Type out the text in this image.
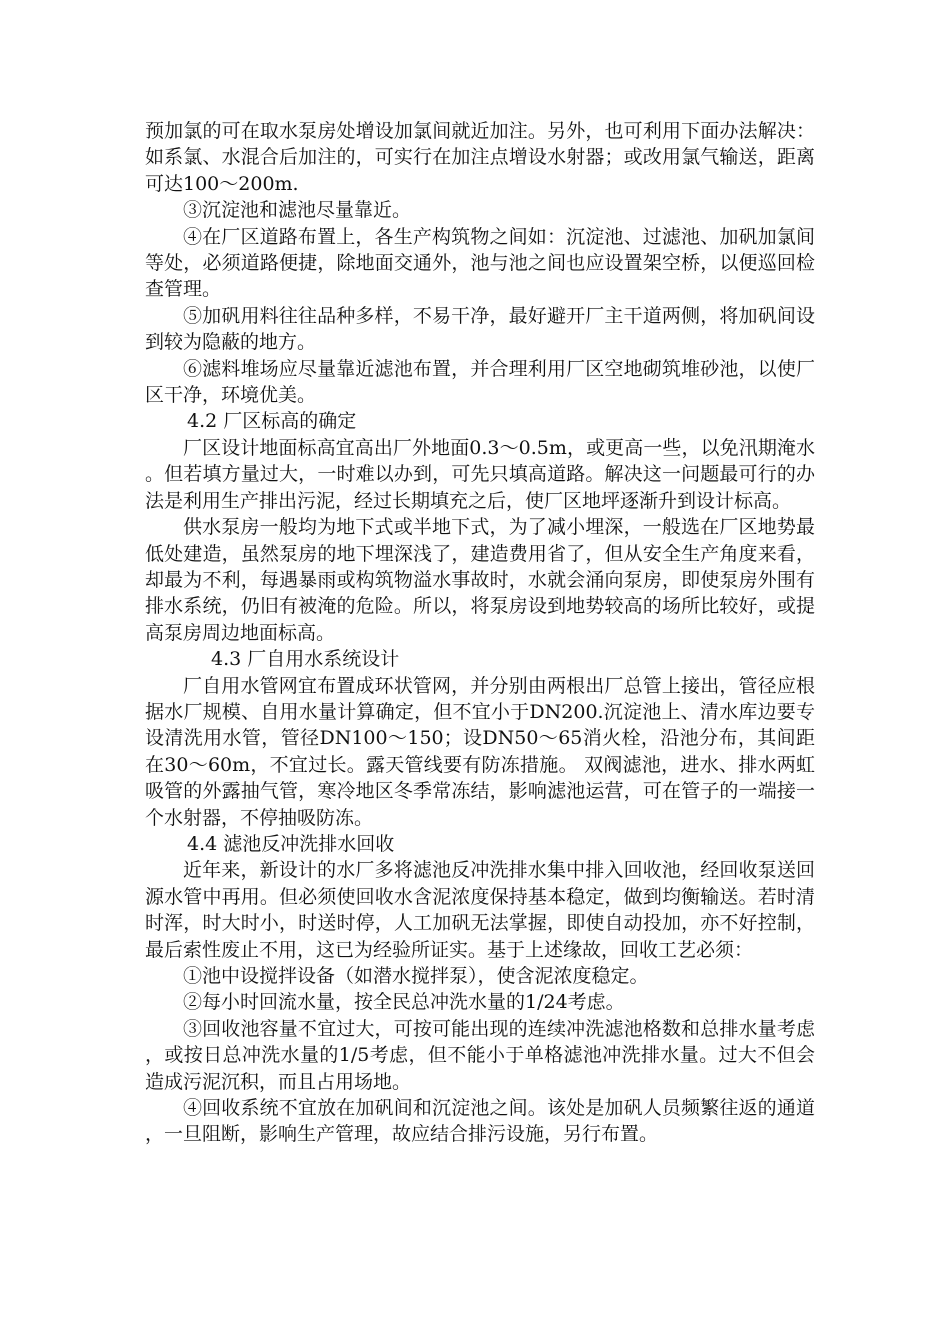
预加氯的可在取水泵房处增设加氯间就近加注。另外，也可利用下面办法解决：如系氯、水混合后加注的，可实行在加注点增设水射器；或改用氯气输送，距离可达100～200m.

③沉淀池和滤池尽量靠近。

④在厂区道路布置上，各生产构筑物之间如：沉淀池、过滤池、加矾加氯间等处，必须道路便捷，除地面交通外，池与池之间也应设置架空桥，以便巡回检查管理。

⑤加矾用料往往品种多样，不易干净，最好避开厂主干道两侧，将加矾间设到较为隐蔽的地方。

⑥滤料堆场应尽量靠近滤池布置，并合理利用厂区空地砌筑堆砂池，以使厂区干净，环境优美。

4.2 厂区标高的确定

厂区设计地面标高宜高出厂外地面0.3～0.5m，或更高一些，以免汛期淹水。但若填方量过大，一时难以办到，可先只填高道路。解决这一问题最可行的办法是利用生产排出污泥，经过长期填充之后，使厂区地坪逐渐升到设计标高。

供水泵房一般均为地下式或半地下式，为了减小埋深，一般选在厂区地势最低处建造，虽然泵房的地下埋深浅了，建造费用省了，但从安全生产角度来看，却最为不利，每遇暴雨或构筑物溢水事故时，水就会涌向泵房，即使泵房外围有排水系统，仍旧有被淹的危险。所以，将泵房设到地势较高的场所比较好，或提高泵房周边地面标高。

4.3 厂自用水系统设计

厂自用水管网宜布置成环状管网，并分别由两根出厂总管上接出，管径应根据水厂规模、自用水量计算确定，但不宜小于DN200.沉淀池上、清水库边要专设清洗用水管，管径DN100～150；设DN50～65消火栓，沿池分布，其间距在30～60m，不宜过长。露天管线要有防冻措施。 双阀滤池，进水、排水两虹吸管的外露抽气管，寒冷地区冬季常冻结，影响滤池运营，可在管子的一端接一个水射器，不停抽吸防冻。

4.4 滤池反冲洗排水回收

近年来，新设计的水厂多将滤池反冲洗排水集中排入回收池，经回收泵送回源水管中再用。但必须使回收水含泥浓度保持基本稳定，做到均衡输送。若时清时浑，时大时小，时送时停，人工加矾无法掌握，即使自动投加，亦不好控制，最后索性废止不用，这已为经验所证实。基于上述缘故，回收工艺必须：

①池中设搅拌设备（如潜水搅拌泵），使含泥浓度稳定。

②每小时回流水量，按全民总冲洗水量的1/24考虑。

③回收池容量不宜过大，可按可能出现的连续冲洗滤池格数和总排水量考虑，或按日总冲洗水量的1/5考虑，但不能小于单格滤池冲洗排水量。过大不但会造成污泥沉积，而且占用场地。

④回收系统不宜放在加矾间和沉淀池之间。该处是加矾人员频繁往返的通道，一旦阻断，影响生产管理，故应结合排污设施，另行布置。
